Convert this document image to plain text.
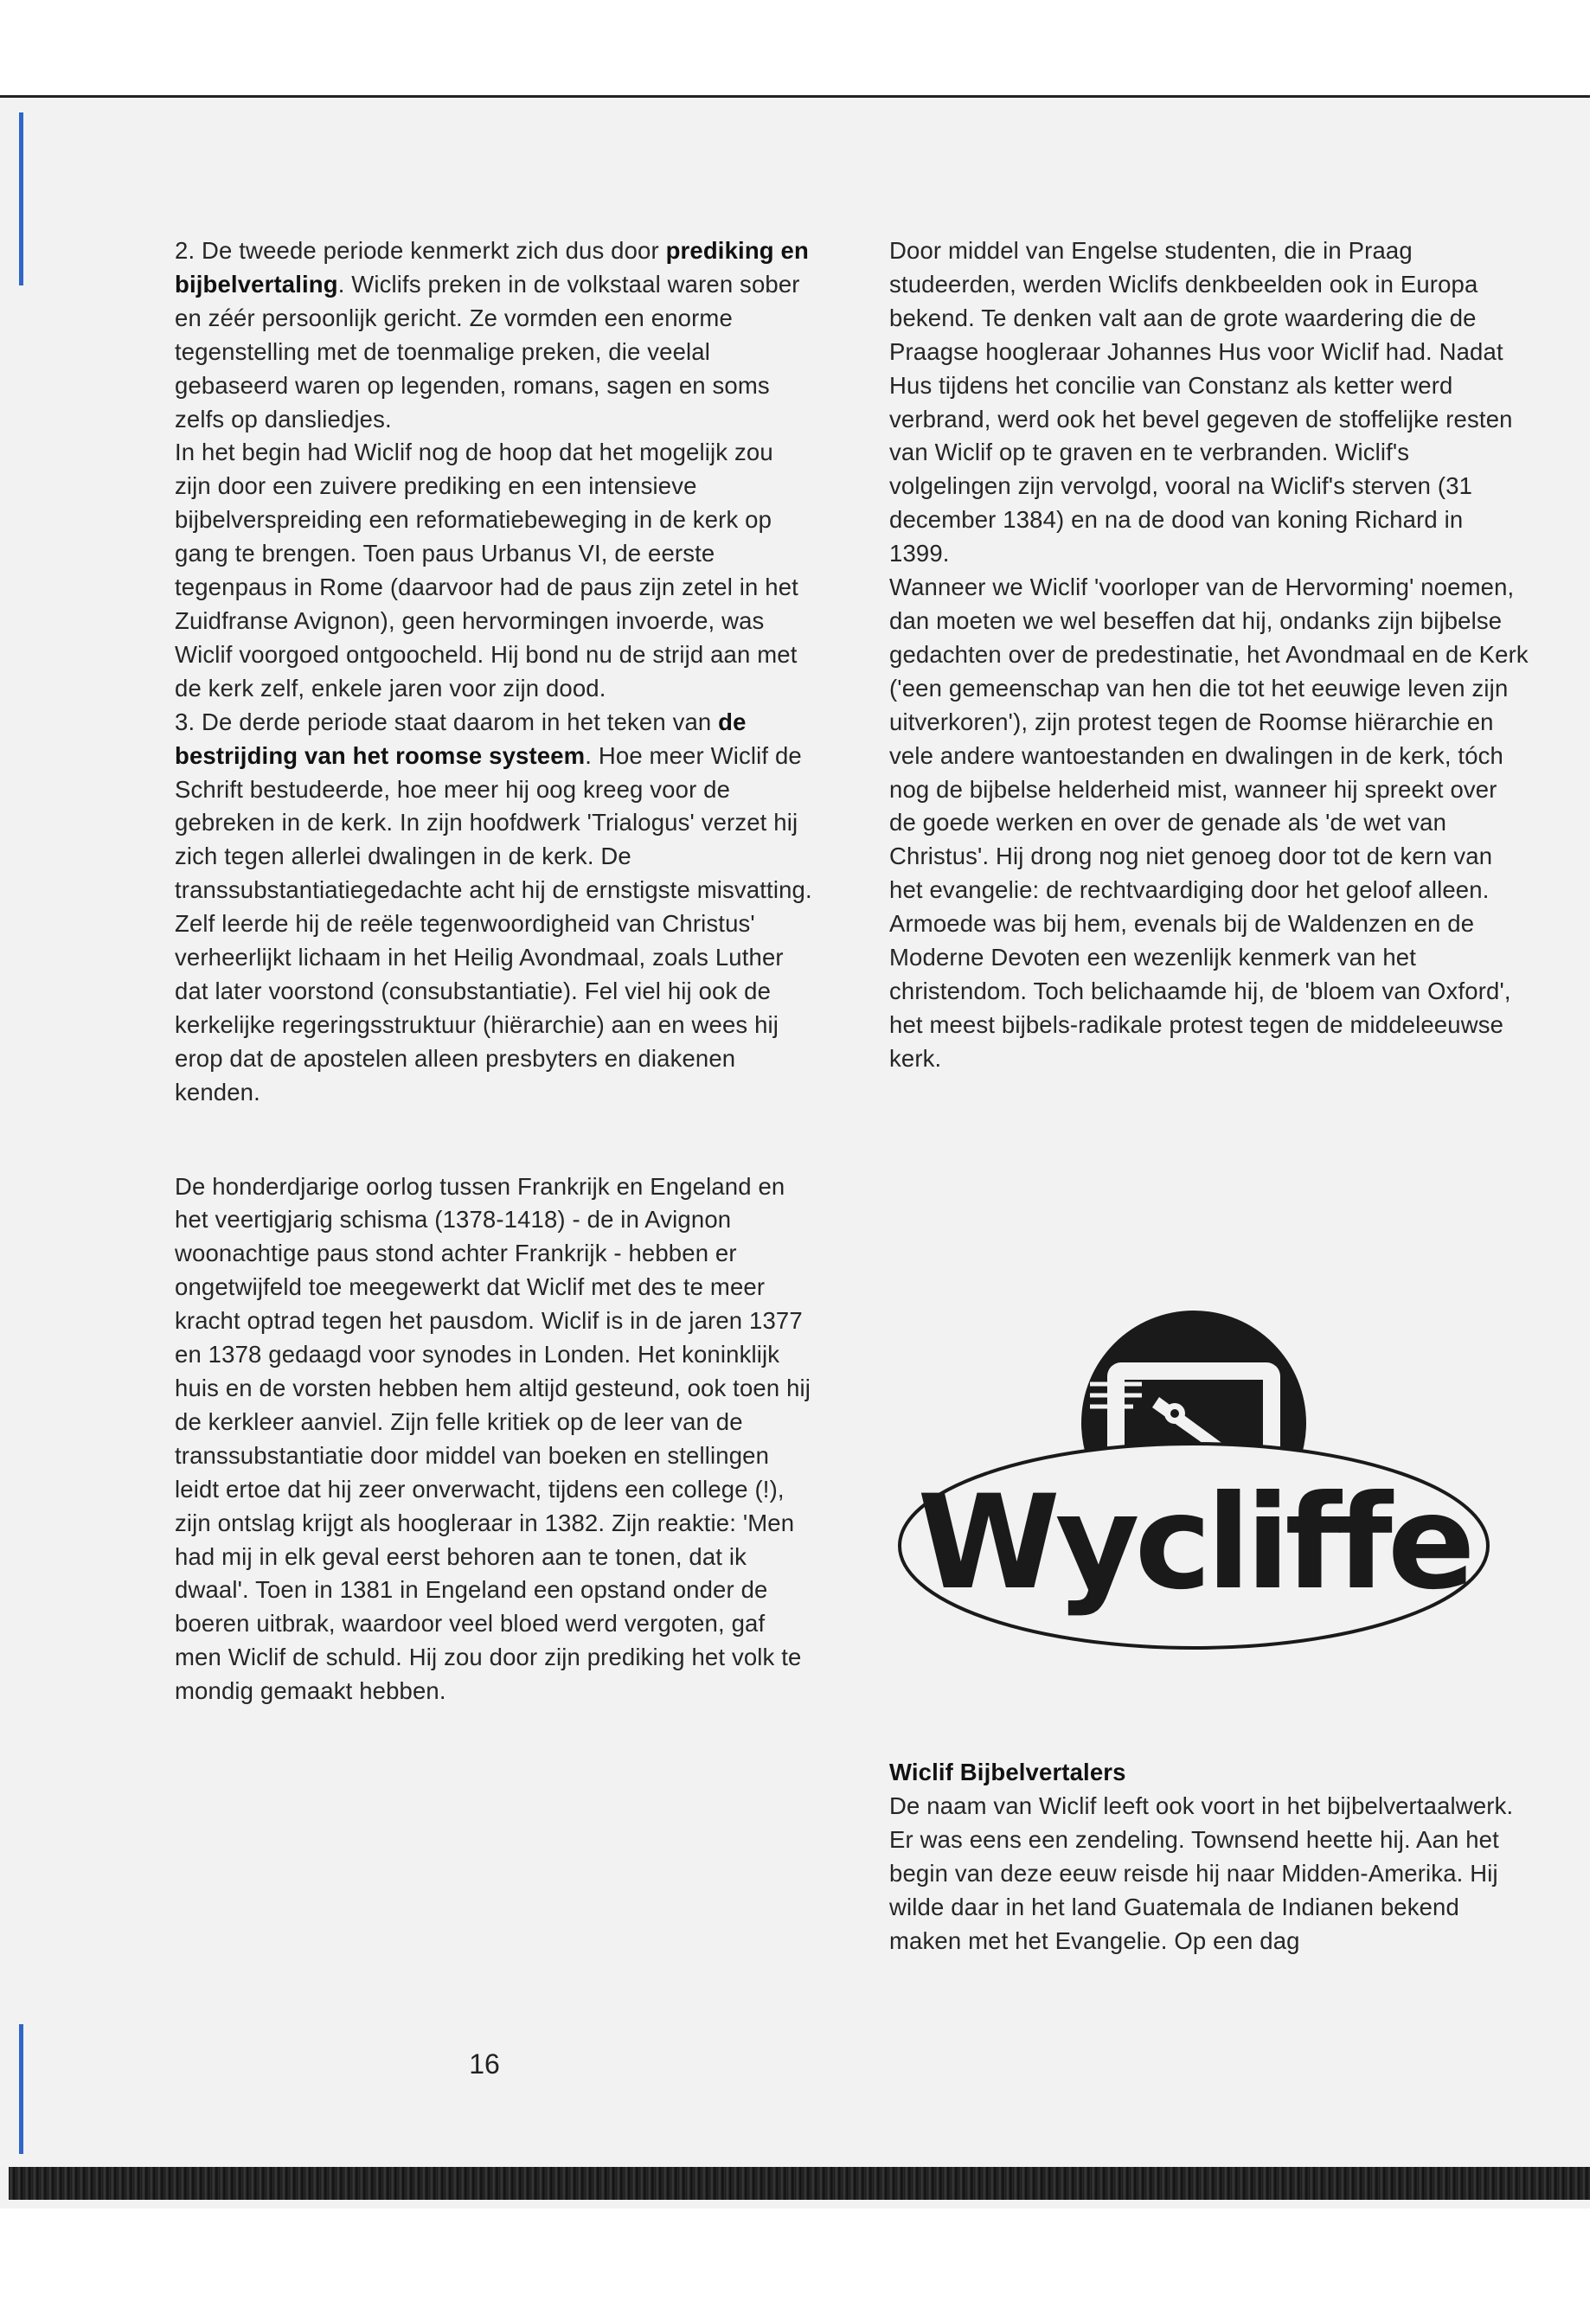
2. De tweede periode kenmerkt zich dus door prediking en bijbelvertaling. Wiclifs preken in de volkstaal waren sober en zéér persoonlijk gericht. Ze vormden een enorme tegenstelling met de toenmalige preken, die veelal gebaseerd waren op legenden, romans, sagen en soms zelfs op dansliedjes.

In het begin had Wiclif nog de hoop dat het mogelijk zou zijn door een zuivere prediking en een intensieve bijbelverspreiding een reformatiebeweging in de kerk op gang te brengen. Toen paus Urbanus VI, de eerste tegenpaus in Rome (daarvoor had de paus zijn zetel in het Zuidfranse Avignon), geen hervormingen invoerde, was Wiclif voorgoed ontgoocheld. Hij bond nu de strijd aan met de kerk zelf, enkele jaren voor zijn dood.

3. De derde periode staat daarom in het teken van de bestrijding van het roomse systeem. Hoe meer Wiclif de Schrift bestudeerde, hoe meer hij oog kreeg voor de gebreken in de kerk. In zijn hoofdwerk 'Trialogus' verzet hij zich tegen allerlei dwalingen in de kerk. De transsubstantiatiegedachte acht hij de ernstigste misvatting. Zelf leerde hij de reële tegenwoordigheid van Christus' verheerlijkt lichaam in het Heilig Avondmaal, zoals Luther dat later voorstond (consubstantiatie). Fel viel hij ook de kerkelijke regeringsstruktuur (hiërarchie) aan en wees hij erop dat de apostelen alleen presbyters en diakenen kenden.

De honderdjarige oorlog tussen Frankrijk en Engeland en het veertigjarig schisma (1378-1418) - de in Avignon woonachtige paus stond achter Frankrijk - hebben er ongetwijfeld toe meegewerkt dat Wiclif met des te meer kracht optrad tegen het pausdom. Wiclif is in de jaren 1377 en 1378 gedaagd voor synodes in Londen. Het koninklijk huis en de vorsten hebben hem altijd gesteund, ook toen hij de kerkleer aanviel. Zijn felle kritiek op de leer van de transsubstantiatie door middel van boeken en stellingen leidt ertoe dat hij zeer onverwacht, tijdens een college (!), zijn ontslag krijgt als hoogleraar in 1382. Zijn reaktie: 'Men had mij in elk geval eerst behoren aan te tonen, dat ik dwaal'. Toen in 1381 in Engeland een opstand onder de boeren uitbrak, waardoor veel bloed werd vergoten, gaf men Wiclif de schuld. Hij zou door zijn prediking het volk te mondig gemaakt hebben.

Door middel van Engelse studenten, die in Praag studeerden, werden Wiclifs denkbeelden ook in Europa bekend. Te denken valt aan de grote waardering die de Praagse hoogleraar Johannes Hus voor Wiclif had. Nadat Hus tijdens het concilie van Constanz als ketter werd verbrand, werd ook het bevel gegeven de stoffelijke resten van Wiclif op te graven en te verbranden. Wiclif's volgelingen zijn vervolgd, vooral na Wiclif's sterven (31 december 1384) en na de dood van koning Richard in 1399.

Wanneer we Wiclif 'voorloper van de Hervorming' noemen, dan moeten we wel beseffen dat hij, ondanks zijn bijbelse gedachten over de predestinatie, het Avondmaal en de Kerk ('een gemeenschap van hen die tot het eeuwige leven zijn uitverkoren'), zijn protest tegen de Roomse hiërarchie en vele andere wantoestanden en dwalingen in de kerk, tóch nog de bijbelse helderheid mist, wanneer hij spreekt over de goede werken en over de genade als 'de wet van Christus'. Hij drong nog niet genoeg door tot de kern van het evangelie: de rechtvaardiging door het geloof alleen.

Armoede was bij hem, evenals bij de Waldenzen en de Moderne Devoten een wezenlijk kenmerk van het christendom. Toch belichaamde hij, de 'bloem van Oxford', het meest bijbels-radikale protest tegen de middeleeuwse kerk.

Wycliffe

Wiclif Bijbelvertalers

De naam van Wiclif leeft ook voort in het bijbelvertaalwerk. Er was eens een zendeling. Townsend heette hij. Aan het begin van deze eeuw reisde hij naar Midden-Amerika. Hij wilde daar in het land Guatemala de Indianen bekend maken met het Evangelie. Op een dag

16
